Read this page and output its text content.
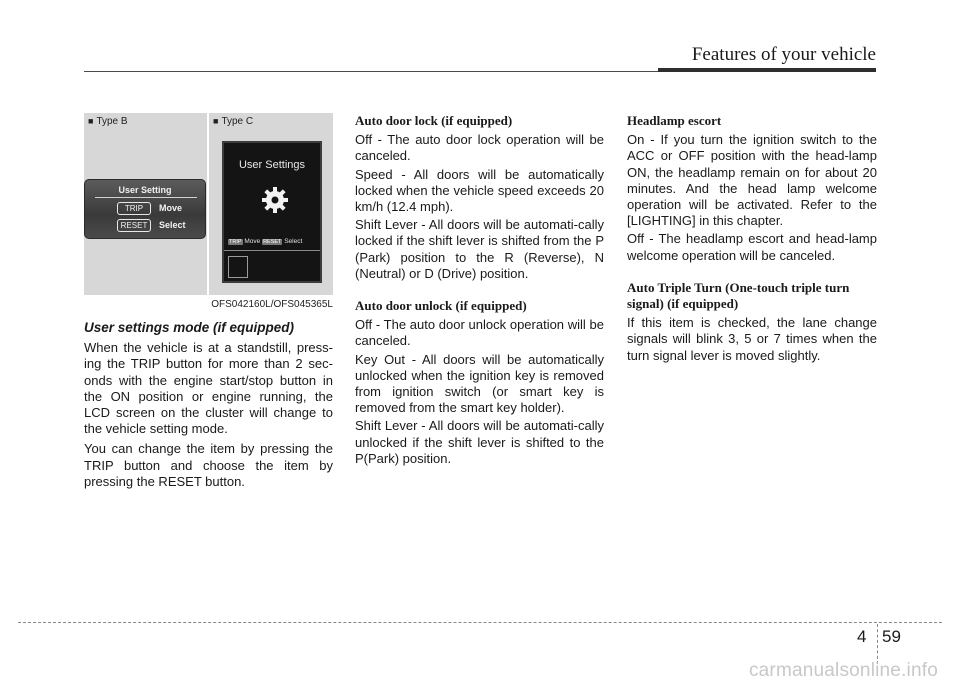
Features of your vehicle
■ Type B
User Setting
TRIP	Move
RESET	Select
■ Type C
User Settings
TRIP Move RESET Select
OFS042160L/OFS045365L
User settings mode (if equipped)

When the vehicle is at a standstill, press-ing the TRIP button for more than 2 sec-onds with the engine start/stop button in the ON position or engine running, the LCD screen on the cluster will change to the vehicle setting mode.

You can change the item by pressing the TRIP button and choose the item by pressing the RESET button.

Auto door lock (if equipped)
Off - The auto door lock operation will be canceled.
Speed - All doors will be automatically locked when the vehicle speed exceeds 20 km/h (12.4 mph).
Shift Lever - All doors will be automati-cally locked if the shift lever is shifted from the P (Park) position to the R (Reverse), N (Neutral) or D (Drive) position.
Auto door unlock (if equipped)
Off - The auto door unlock operation will be canceled.
Key Out - All doors will be automatically unlocked when the ignition key is removed from ignition switch (or smart key is removed from the smart key holder).
Shift Lever - All doors will be automati-cally unlocked if the shift lever is shifted to the P(Park) position.
Headlamp escort
On - If you turn the ignition switch to the ACC or OFF position with the head-lamp ON, the headlamp remain on for about 20 minutes. And the head lamp welcome operation will be activated. Refer to the [LIGHTING] in this chapter.
Off - The headlamp escort and head-lamp welcome operation will be canceled.
Auto Triple Turn (One-touch triple turn signal) (if equipped)

If this item is checked, the lane change signals will blink 3, 5 or 7 times when the turn signal lever is moved slightly.

4 59
carmanualsonline.info
